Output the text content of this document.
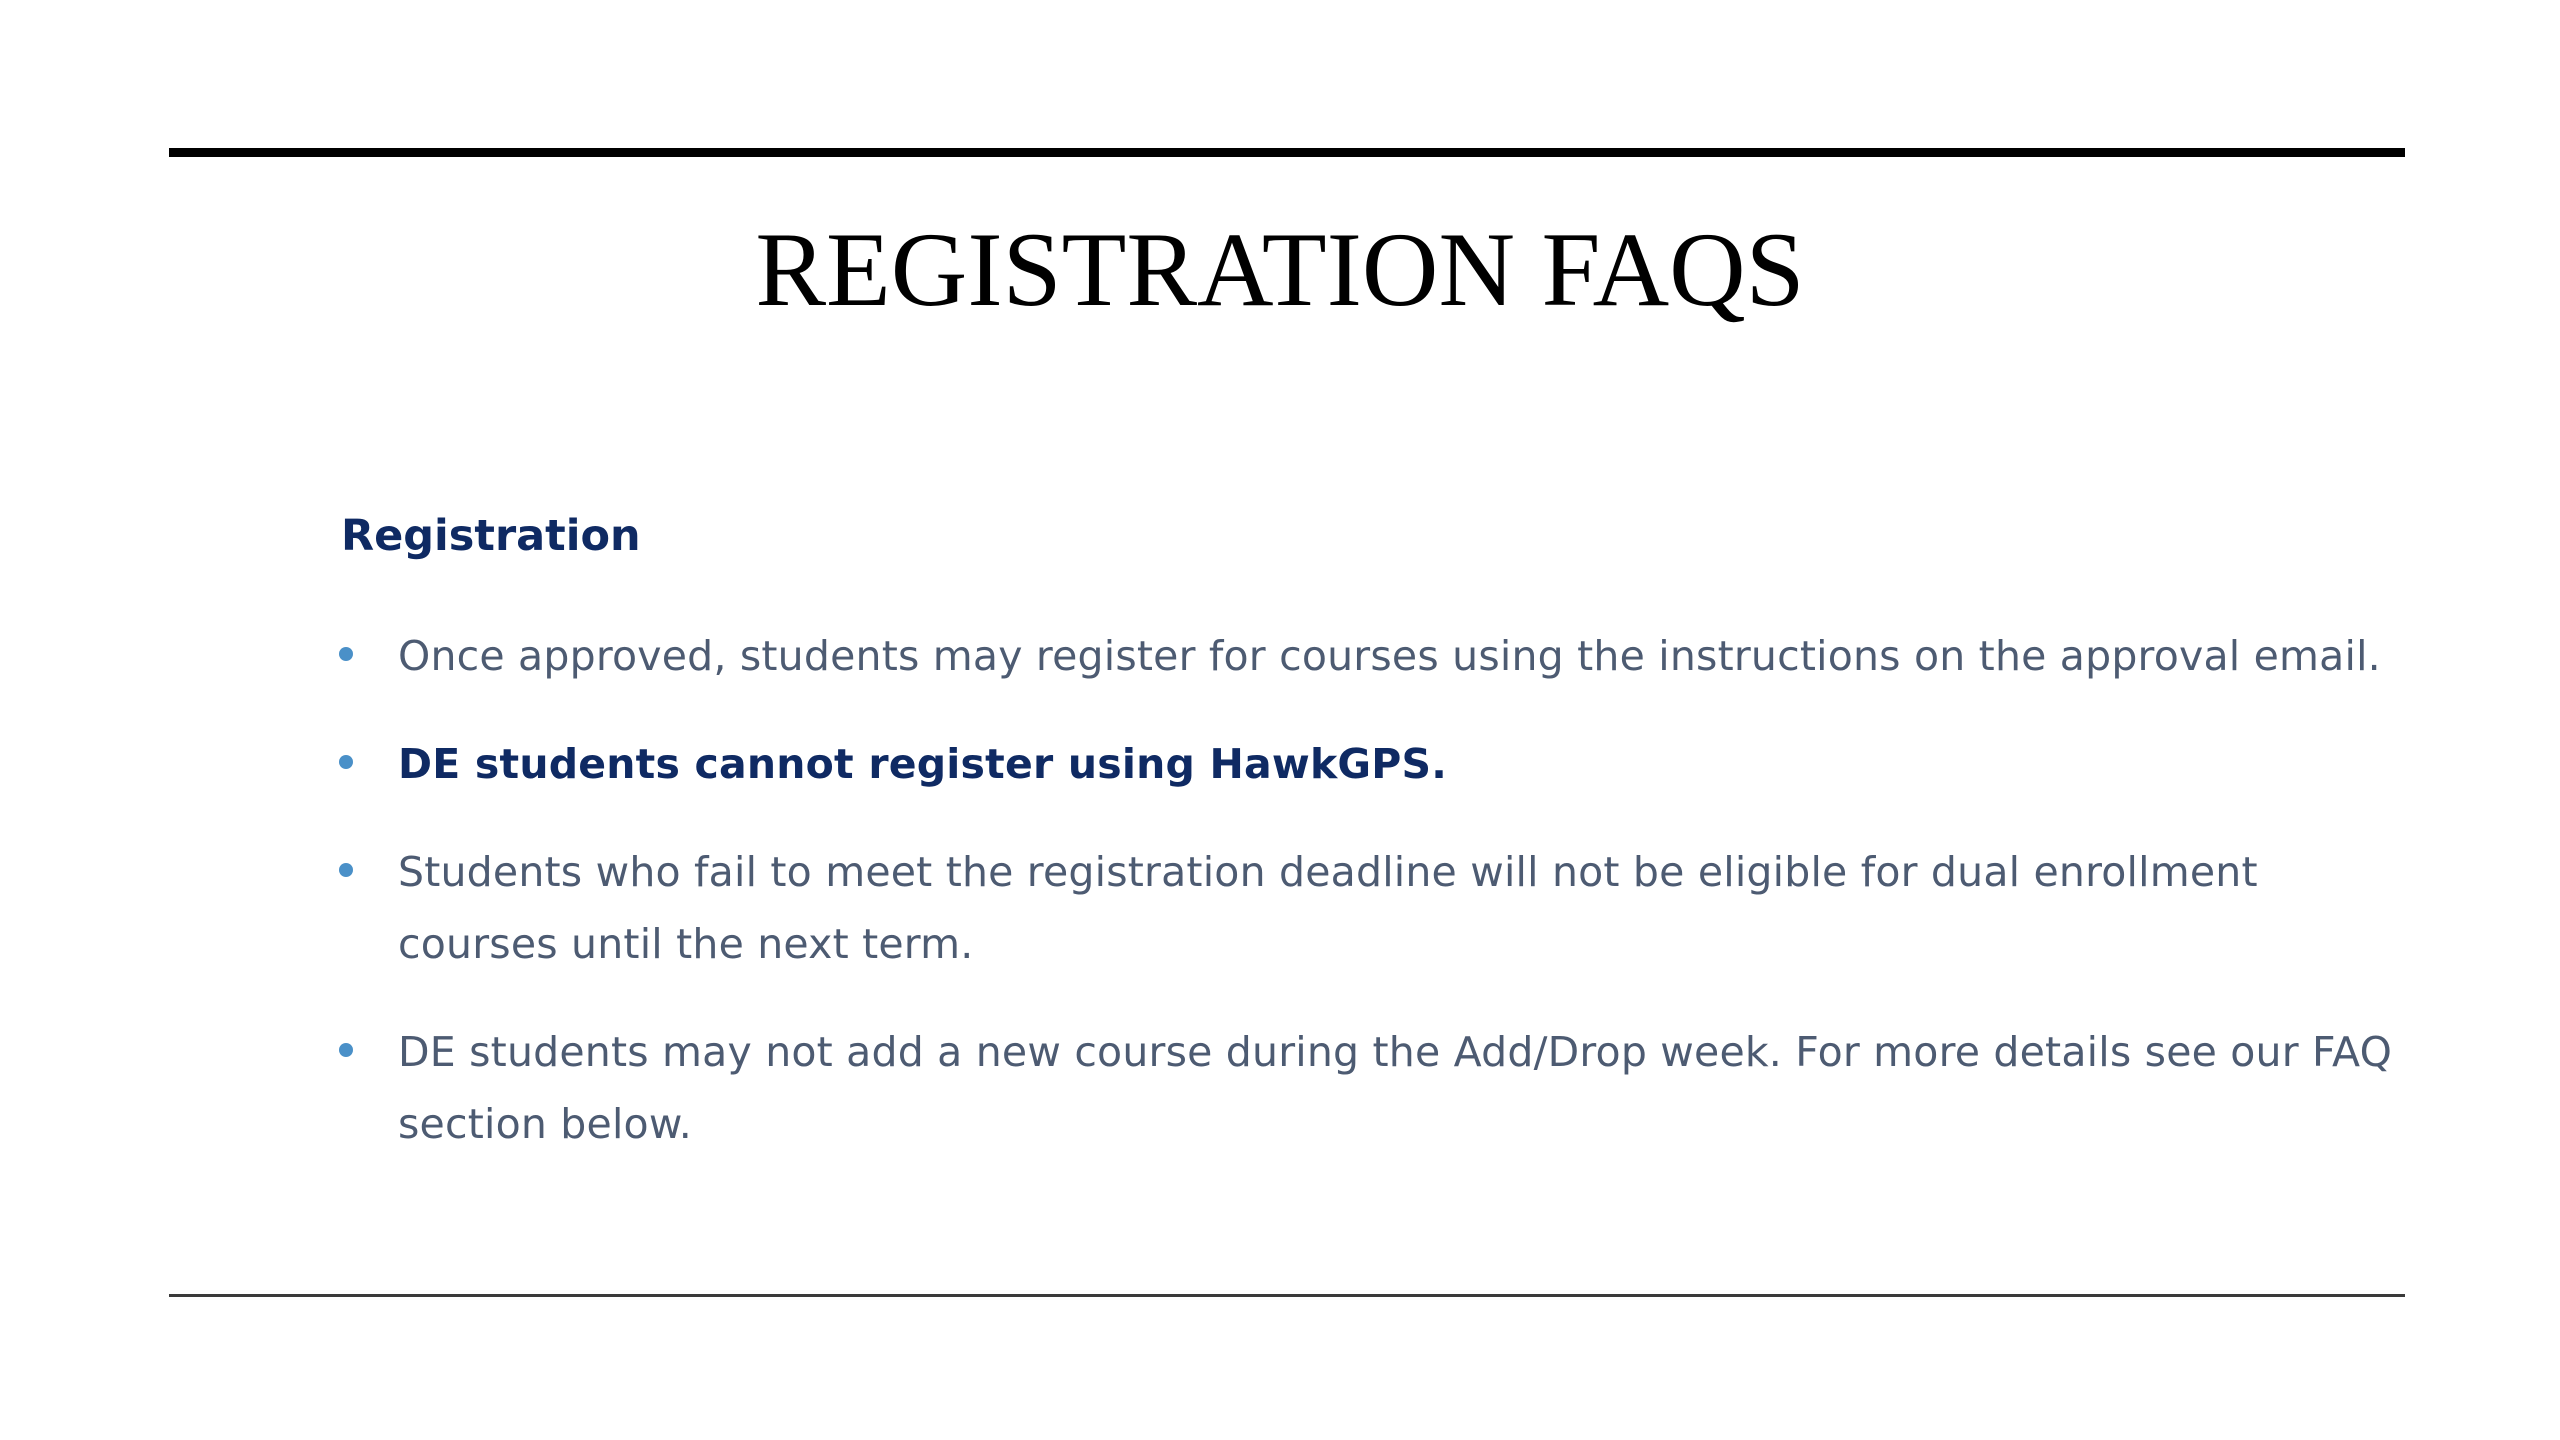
REGISTRATION FAQS
Registration
Once approved, students may register for courses using the instructions on the approval email.
DE students cannot register using HawkGPS.
Students who fail to meet the registration deadline will not be eligible for dual enrollment courses until the next term.
DE students may not add a new course during the Add/Drop week. For more details see our FAQ section below.
